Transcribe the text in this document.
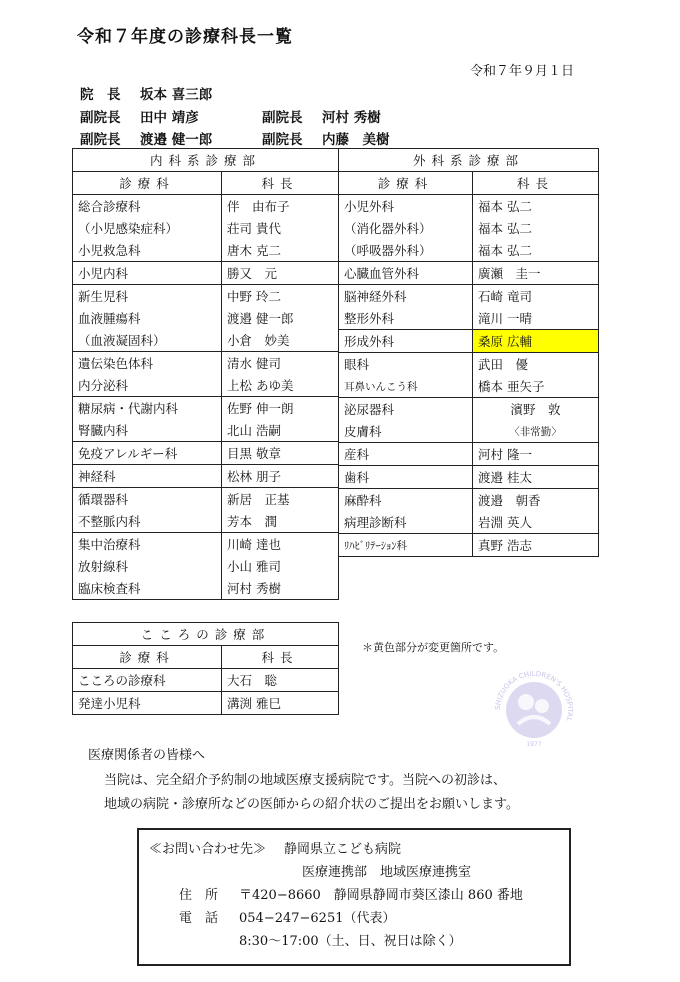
令和７年度の診療科長一覧
令和７年９月１日
院　長 坂本 喜三郎
副院長 田中 靖彦	副院長 河村 秀樹
副院長 渡邉 健一郎	副院長 内藤　美樹
内科系診療部	
診療科	科長
総合診療科	伴　由布子
（小児感染症科）	荘司 貴代
小児救急科	唐木 克二
小児内科	勝又　元
新生児科	中野 玲二
血液腫瘍科	渡邉 健一郎
（血液凝固科）	小倉　妙美
遺伝染色体科	清水 健司
内分泌科	上松 あゆ美
糖尿病・代謝内科	佐野 伸一朗
腎臓内科	北山 浩嗣
免疫アレルギー科	目黒 敬章
神経科	松林 朋子
循環器科	新居　正基
不整脈内科	芳本　潤
集中治療科	川崎 達也
放射線科	小山 雅司
臨床検査科	河村 秀樹
外科系診療部	
診療科	科長
小児外科	福本 弘二
（消化器外科）	福本 弘二
（呼吸器外科）	福本 弘二
心臓血管外科	廣瀬　圭一
脳神経外科	石崎 竜司
整形外科	滝川 一晴
形成外科	桑原 広輔
眼科	武田　優
耳鼻いんこう科	橋本 亜矢子
泌尿器科	濱野　敦
皮膚科	〈非常勤〉
産科	河村 隆一
歯科	渡邉 桂太
麻酔科	渡邉　朝香
病理診断科	岩淵 英人
ﾘﾊﾋﾞﾘﾃｰｼｮﾝ科	真野 浩志
こころの診療部	
診療科	科長
こころの診療科	大石　聡
発達小児科	溝渕 雅巳
＊黄色部分が変更箇所です。
SHIZUOKA CHILDREN'S HOSPITAL
1977
医療関係者の皆様へ
当院は、完全紹介予約制の地域医療支援病院です。当院への初診は、
地域の病院・診療所などの医師からの紹介状のご提出をお願いします。
≪お問い合わせ先≫ 静岡県立こども病院
医療連携部　地域医療連携室
住　所 〒420−8660　静岡県静岡市葵区漆山 860 番地
電　話 054−247−6251（代表）
8:30〜17:00（土、日、祝日は除く）
